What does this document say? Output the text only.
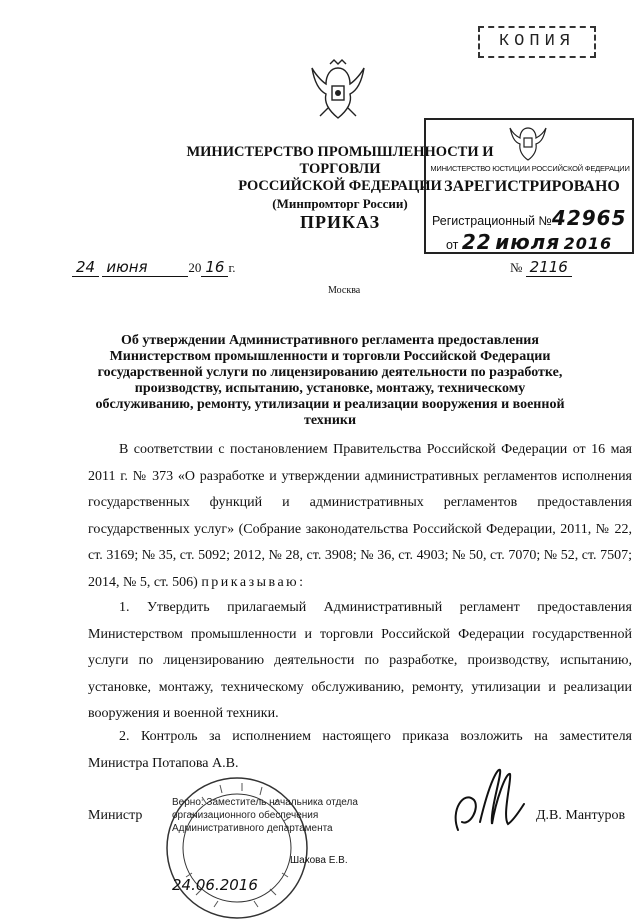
КОПИЯ
МИНИСТЕРСТВО ПРОМЫШЛЕННОСТИ И ТОРГОВЛИ
РОССИЙСКОЙ ФЕДЕРАЦИИ
(Минпромторг России)
ПРИКАЗ
МИНИСТЕРСТВО ЮСТИЦИИ РОССИЙСКОЙ ФЕДЕРАЦИИ
ЗАРЕГИСТРИРОВАНО
Регистрационный №42965
от 22 июля 2016
24 июня	20 16 г.	№ 2116
Москва
Об утверждении Административного регламента предоставления Министерством промышленности и торговли Российской Федерации государственной услуги по лицензированию деятельности по разработке, производству, испытанию, установке, монтажу, техническому обслуживанию, ремонту, утилизации и реализации вооружения и военной техники
В соответствии с постановлением Правительства Российской Федерации от 16 мая 2011 г. № 373 «О разработке и утверждении административных регламентов исполнения государственных функций и административных регламентов предоставления государственных услуг» (Собрание законодательства Российской Федерации, 2011, № 22, ст. 3169; № 35, ст. 5092; 2012, № 28, ст. 3908; № 36, ст. 4903; № 50, ст. 7070; № 52, ст. 7507; 2014, № 5, ст. 506) приказываю:
1. Утвердить прилагаемый Административный регламент предоставления Министерством промышленности и торговли Российской Федерации государственной услуги по лицензированию деятельности по разработке, производству, испытанию, установке, монтажу, техническому обслуживанию, ремонту, утилизации и реализации вооружения и военной техники.
2. Контроль за исполнением настоящего приказа возложить на заместителя Министра Потапова А.В.
Министр	Д.В. Мантуров
Верно: Заместитель начальника отдела
организационного обеспечения
Административного департамента
Шахова Е.В.
24.06.2016
